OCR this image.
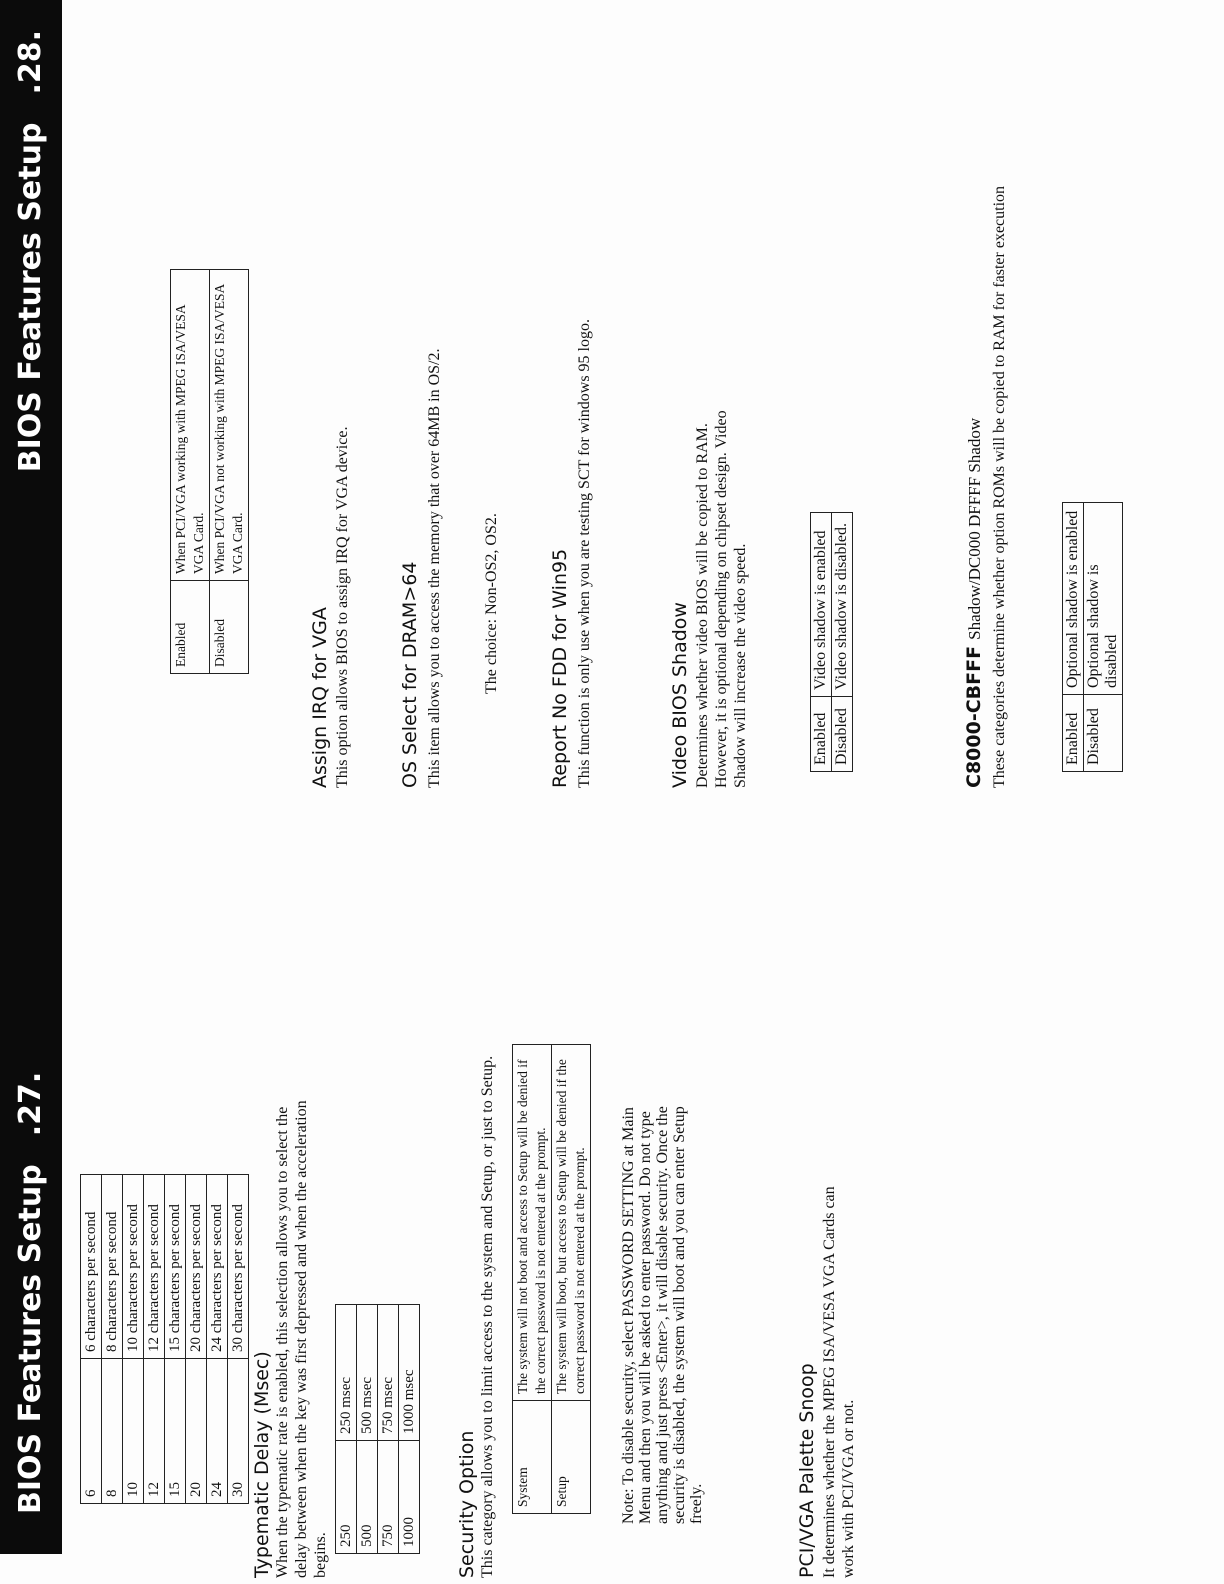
BIOS Features Setup
.27.
6	6 characters per second
8	8 characters per second
10	10 characters per second
12	12 characters per second
15	15 characters per second
20	20 characters per second
24	24 characters per second
30	30 characters per second
Typematic Delay (Msec) When the typematic rate is enabled, this selection allows you to select the delay between when the key was first depressed and when the acceleration begins. 250	250 msec
500	500 msec
750	750 msec
1000	1000 msec
Security Option This category allows you to limit access to the system and Setup, or just to Setup. System	The system will not boot and access to Setup will be denied if the correct password is not entered at the prompt.
Setup	The system will boot, but access to Setup will be denied if the correct password is not entered at the prompt. Note: To disable security, select PASSWORD SETTING at Main Menu and then you will be asked to enter password. Do not type anything and just press <Enter>, it will disable security. Once the security is disabled, the system will boot and you can enter Setup freely.	PCI/VGA Palette Snoop It determines whether the MPEG ISA/VESA VGA Cards can work with PCI/VGA or not.
BIOS Features Setup
.28.
Enabled	When PCI/VGA working with MPEG ISA/VESA VGA Card.
Disabled	When PCI/VGA not working with MPEG ISA/VESA VGA Card.
Assign IRQ for VGA This option allows BIOS to assign IRQ for VGA device.	OS Select for DRAM>64 This item allows you to access the memory that over 64MB in OS/2.	The choice: Non-OS2, OS2.	Report No FDD for Win95 This function is only use when you are testing SCT for windows 95 logo.	Video BIOS Shadow Determines whether video BIOS will be copied to RAM. However, it is optional depending on chipset design. Video Shadow will increase the video speed.	Enabled	Video shadow is enabled
Disabled	Video shadow is disabled.
C8000-CBFFF Shadow/DC000 DFFFF Shadow These categories determine whether option ROMs will be copied to RAM for faster execution	Enabled	Optional shadow is enabled
Disabled	Optional shadow is disabled
